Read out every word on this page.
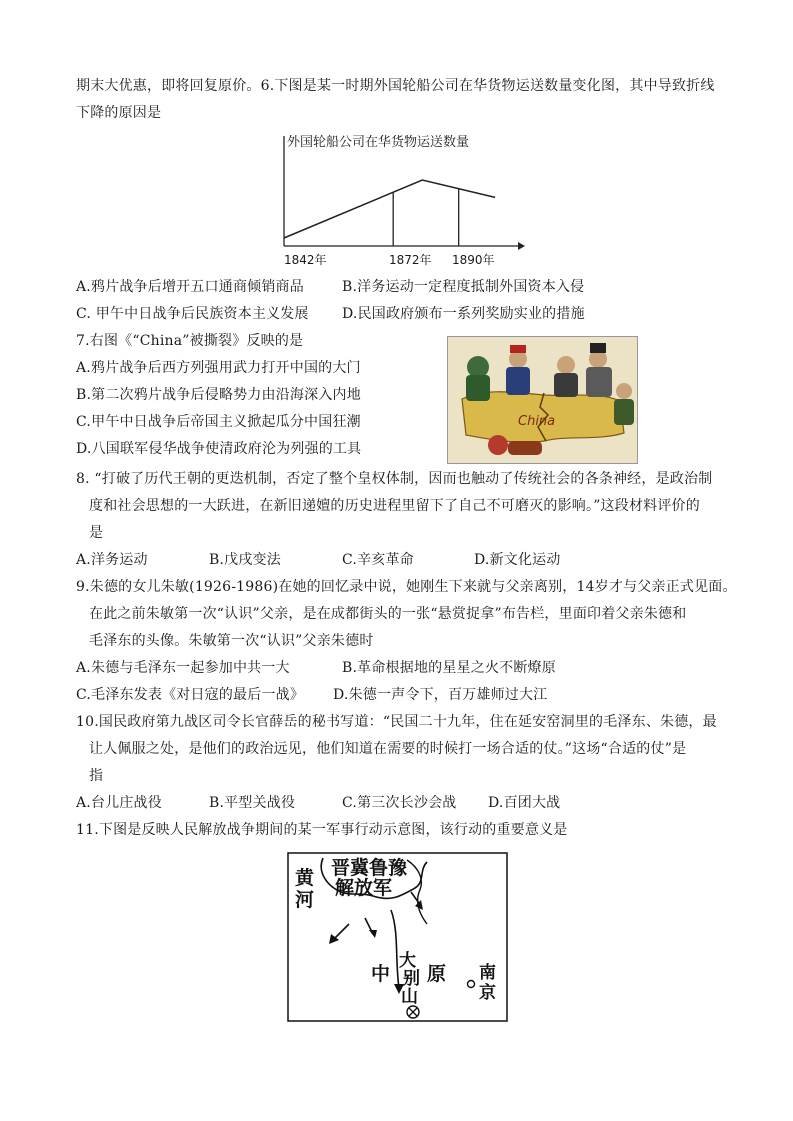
期末大优惠，即将回复原价。6.下图是某一时期外国轮船公司在华货物运送数量变化图，其中导致折线
下降的原因是
外国轮船公司在华货物运送数量
1842年	1872年 1890年
A.鸦片战争后增开五口通商倾销商品	B.洋务运动一定程度抵制外国资本入侵
C. 甲午中日战争后民族资本主义发展 D.民国政府颁布一系列奖励实业的措施
7.右图《“China”被撕裂》反映的是
A.鸦片战争后西方列强用武力打开中国的大门
B.第二次鸦片战争后侵略势力由沿海深入内地
C.甲午中日战争后帝国主义掀起瓜分中国狂潮
D.八国联军侵华战争使清政府沦为列强的工具
China
8. “打破了历代王朝的更迭机制，否定了整个皇权体制，因而也触动了传统社会的各条神经，是政治制
度和社会思想的一大跃进，在新旧递嬗的历史进程里留下了自己不可磨灭的影响。”这段材料评价的
是
A.洋务运动	B.戊戌变法	C.辛亥革命	D.新文化运动
9.朱德的女儿朱敏(1926-1986)在她的回忆录中说，她刚生下来就与父亲离别，14岁才与父亲正式见面。
在此之前朱敏第一次“认识”父亲，是在成都街头的一张“悬赏捉拿”布告栏，里面印着父亲朱德和
毛泽东的头像。朱敏第一次“认识”父亲朱德时
A.朱德与毛泽东一起参加中共一大	B.革命根据地的星星之火不断燎原
C.毛泽东发表《对日寇的最后一战》 D.朱德一声令下，百万雄师过大江
10.国民政府第九战区司令长官薛岳的秘书写道：“民国二十九年，住在延安窑洞里的毛泽东、朱德，最
让人佩服之处，是他们的政治远见，他们知道在需要的时候打一场合适的仗。”这场“合适的仗”是
指
A.台儿庄战役	B.平型关战役	C.第三次长沙会战 D.百团大战
11.下图是反映人民解放战争期间的某一军事行动示意图，该行动的重要意义是
晋冀鲁豫
解放军
黄
河
中
大
别
山
原 南
京
